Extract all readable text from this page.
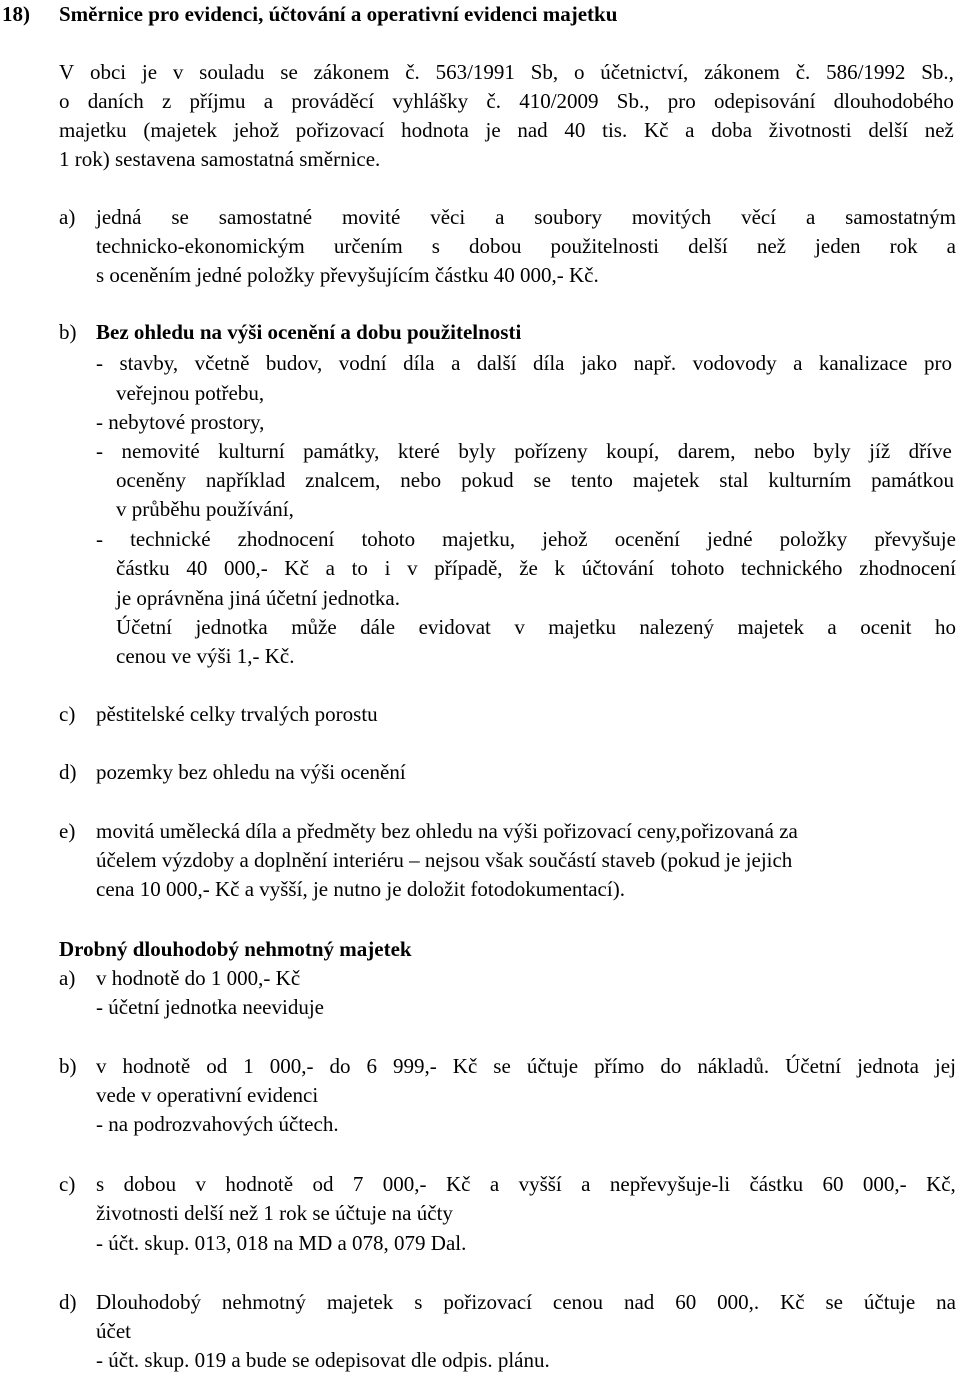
18) Směrnice pro evidenci, účtování a operativní evidenci majetku
V obci je v souladu se zákonem č. 563/1991 Sb, o účetnictví, zákonem č. 586/1992 Sb.,
o daních z příjmu a prováděcí vyhlášky č. 410/2009 Sb., pro odepisování dlouhodobého
majetku (majetek jehož pořizovací hodnota je nad 40 tis. Kč a doba životnosti delší než
1 rok) sestavena samostatná směrnice.
a) jedná se samostatné movité věci a soubory movitých věcí a samostatným
technicko-ekonomickým určením s dobou použitelnosti delší než jeden rok a
s oceněním jedné položky převyšujícím částku 40 000,- Kč.
b) Bez ohledu na výši ocenění a dobu použitelnosti
- stavby, včetně budov, vodní díla a další díla jako např. vodovody a kanalizace pro
veřejnou potřebu,
- nebytové prostory,
- nemovité kulturní památky, které byly pořízeny koupí, darem, nebo byly jíž dříve
oceněny například znalcem, nebo pokud se tento majetek stal kulturním památkou
v průběhu používání,
- technické zhodnocení tohoto majetku, jehož ocenění jedné položky převyšuje
částku 40 000,- Kč a to i v případě, že k účtování tohoto technického zhodnocení
je oprávněna jiná účetní jednotka.
Účetní jednotka může dále evidovat v majetku nalezený majetek a ocenit ho
cenou ve výši 1,- Kč.
c) pěstitelské celky trvalých porostu
d) pozemky bez ohledu na výši ocenění
e) movitá umělecká díla a předměty bez ohledu na výši pořizovací ceny,pořizovaná za
účelem výzdoby a doplnění interiéru – nejsou však součástí staveb (pokud je jejich
cena 10 000,- Kč a vyšší, je nutno je doložit fotodokumentací).
Drobný dlouhodobý nehmotný majetek
a) v hodnotě do 1 000,- Kč
- účetní jednotka neeviduje
b) v hodnotě od 1 000,- do 6 999,- Kč se účtuje přímo do nákladů. Účetní jednota jej
vede v operativní evidenci
- na podrozvahových účtech.
c) s dobou v hodnotě od 7 000,- Kč a vyšší a nepřevyšuje-li částku 60 000,- Kč,
životnosti delší než 1 rok se účtuje na účty
- účt. skup. 013, 018 na MD a 078, 079 Dal.
d) Dlouhodobý nehmotný majetek s pořizovací cenou nad 60 000,. Kč se účtuje na
účet
- účt. skup. 019 a bude se odepisovat dle odpis. plánu.
